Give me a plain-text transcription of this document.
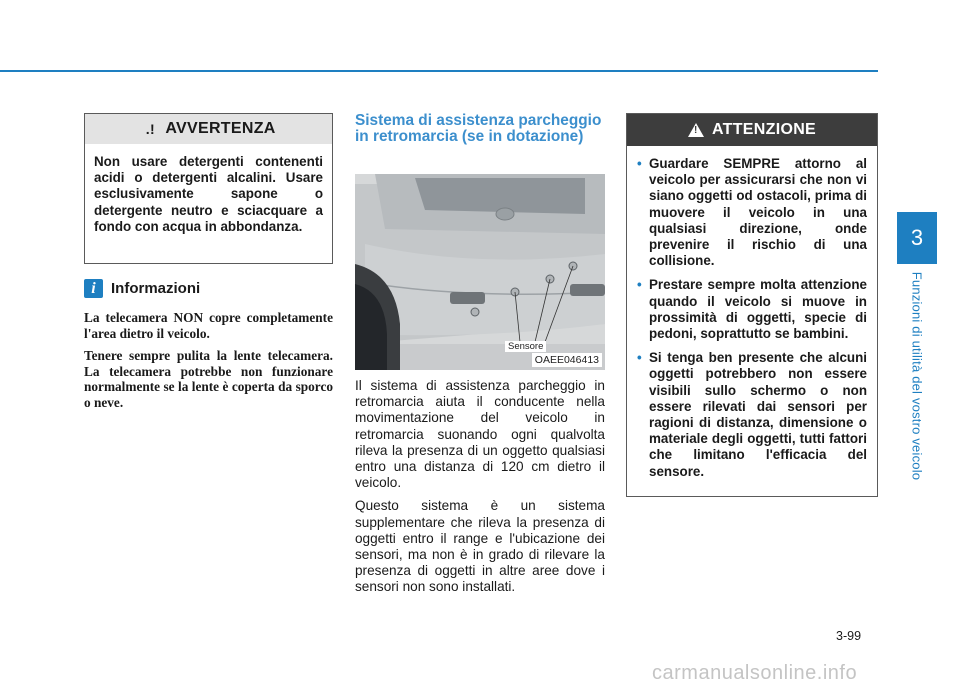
3
Funzioni di utilità del vostro veicolo
.! AVVERTENZA
Non usare detergenti contenenti acidi o detergenti alcalini. Usare esclusivamente sapone o detergente neutro e sciacquare a fondo con acqua in abbondanza.
i	Informazioni

La telecamera NON copre completamente l'area dietro il veicolo.

Tenere sempre pulita la lente telecamera. La telecamera potrebbe non funzionare normalmente se la lente è coperta da sporco o neve.

Sistema di assistenza parcheggio in retromarcia (se in dotazione)
Sensore
OAEE046413

Il sistema di assistenza parcheggio in retromarcia aiuta il conducente nella movimentazione del veicolo in retromarcia suonando ogni qualvolta rileva la presenza di un oggetto qualsiasi entro una distanza di 120 cm dietro il veicolo.

Questo sistema è un sistema supplementare che rileva la presenza di oggetti entro il range e l'ubicazione dei sensori, ma non è in grado di rilevare la presenza di oggetti in altre aree dove i sensori non sono installati.

! ATTENZIONE
• Guardare SEMPRE attorno al veicolo per assicurarsi che non vi siano oggetti od ostacoli, prima di muovere il veicolo in una qualsiasi direzione, onde prevenire il rischio di una collisione.
• Prestare sempre molta attenzione quando il veicolo si muove in prossimità di oggetti, specie di pedoni, soprattutto se bambini.
• Si tenga ben presente che alcuni oggetti potrebbero non essere visibili sullo schermo o non essere rilevati dai sensori per ragioni di distanza, dimensione o materiale degli oggetti, tutti fattori che limitano l'efficacia del sensore.
3-99
carmanualsonline.info
